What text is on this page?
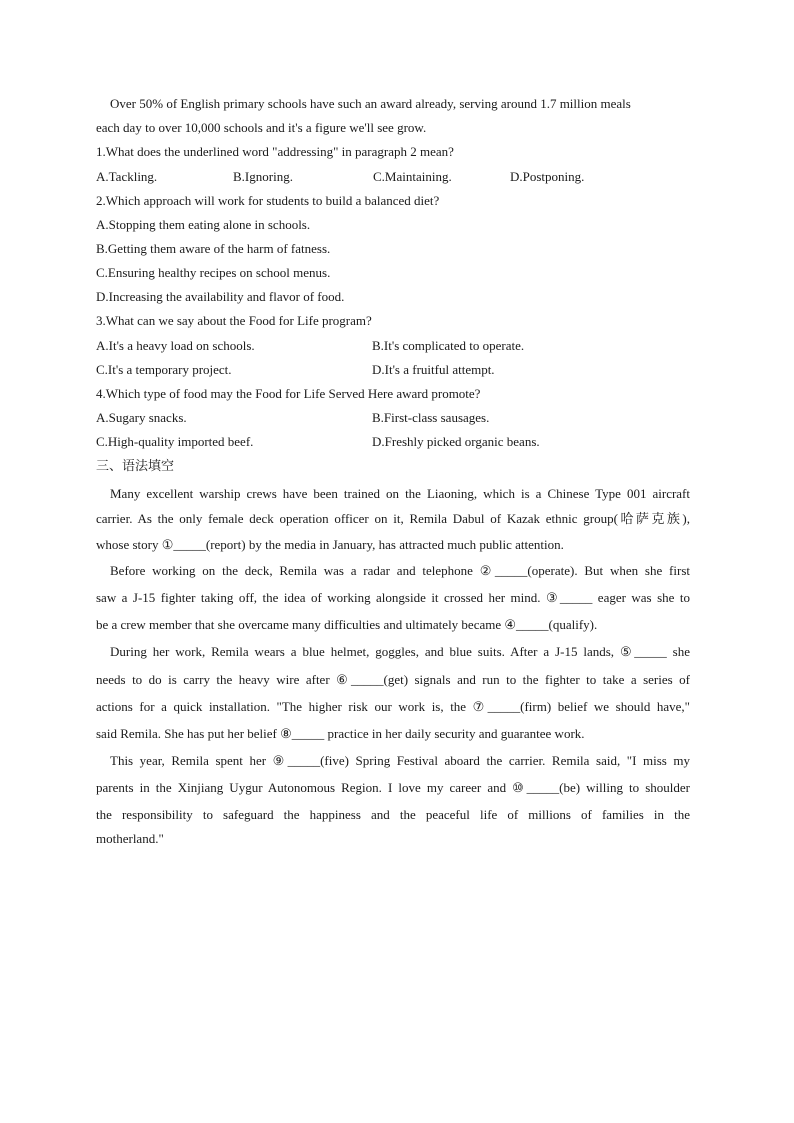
Over 50% of English primary schools have such an award already, serving around 1.7 million meals
each day to over 10,000 schools and it's a figure we'll see grow.
1.What does the underlined word "addressing" in paragraph 2 mean?
A.Tackling.	B.Ignoring.	C.Maintaining.	D.Postponing.
2.Which approach will work for students to build a balanced diet?
A.Stopping them eating alone in schools.
B.Getting them aware of the harm of fatness.
C.Ensuring healthy recipes on school menus.
D.Increasing the availability and flavor of food.
3.What can we say about the Food for Life program?
A.It's a heavy load on schools.	B.It's complicated to operate.
C.It's a temporary project.	D.It's a fruitful attempt.
4.Which type of food may the Food for Life Served Here award promote?
A.Sugary snacks.	B.First-class sausages.
C.High-quality imported beef.	D.Freshly picked organic beans.
三、语法填空
Many excellent warship crews have been trained on the Liaoning, which is a Chinese Type 001 aircraft
carrier. As the only female deck operation officer on it, Remila Dabul of Kazak ethnic group(哈萨克族),
whose story ①_____(report) by the media in January, has attracted much public attention.
Before working on the deck, Remila was a radar and telephone ②_____(operate). But when she first
saw a J-15 fighter taking off, the idea of working alongside it crossed her mind. ③_____ eager was she to
be a crew member that she overcame many difficulties and ultimately became ④_____(qualify).
During her work, Remila wears a blue helmet, goggles, and blue suits. After a J-15 lands, ⑤_____ she
needs to do is carry the heavy wire after ⑥_____(get) signals and run to the fighter to take a series of
actions for a quick installation. "The higher risk our work is, the ⑦_____(firm) belief we should have,"
said Remila. She has put her belief ⑧_____ practice in her daily security and guarantee work.
This year, Remila spent her ⑨_____(five) Spring Festival aboard the carrier. Remila said, "I miss my
parents in the Xinjiang Uygur Autonomous Region. I love my career and ⑩_____(be) willing to shoulder
the responsibility to safeguard the happiness and the peaceful life of millions of families in the
motherland."
